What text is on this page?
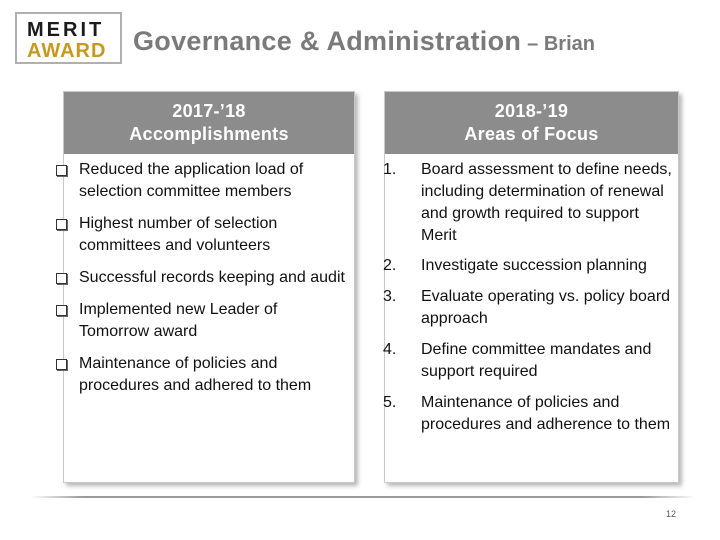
MERIT
AWARD Governance & Administration – Brian
2017-’18
Accomplishments
Reduced the application load of selection committee members
Highest number of selection committees and volunteers
Successful records keeping and audit
Implemented new Leader of Tomorrow award
Maintenance of policies and procedures and adhered to them
2018-’19
Areas of Focus
1. Board assessment to define needs, including determination of renewal and growth required to support Merit
2. Investigate succession planning
3. Evaluate operating vs. policy board approach
4. Define committee mandates and support required
5. Maintenance of policies and procedures and adherence to them
12
